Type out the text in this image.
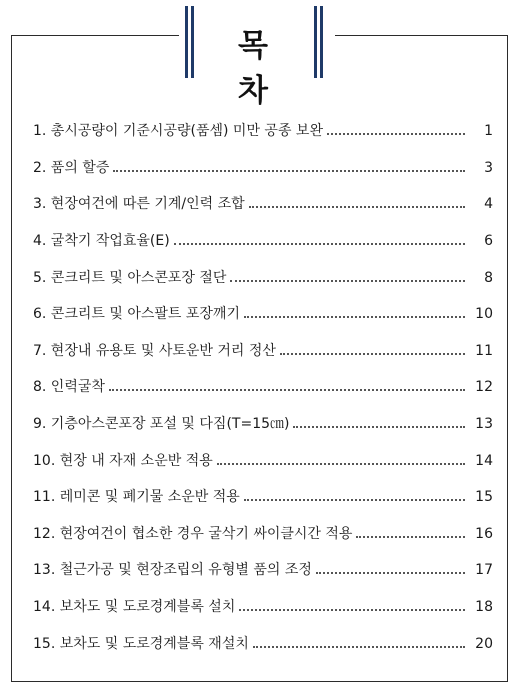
목 차
1. 총시공량이 기준시공량(품셈) 미만 공종 보완	1
2. 품의 할증	3
3. 현장여건에 따른 기계/인력 조합	4
4. 굴착기 작업효율(E)	6
5. 콘크리트 및 아스콘포장 절단	8
6. 콘크리트 및 아스팔트 포장깨기	10
7. 현장내 유용토 및 사토운반 거리 정산	11
8. 인력굴착	12
9. 기층아스콘포장 포설 및 다짐(T=15㎝)	13
10. 현장 내 자재 소운반 적용	14
11. 레미콘 및 폐기물 소운반 적용	15
12. 현장여건이 협소한 경우 굴삭기 싸이클시간 적용	16
13. 철근가공 및 현장조립의 유형별 품의 조정	17
14. 보차도 및 도로경계블록 설치	18
15. 보차도 및 도로경계블록 재설치	20
